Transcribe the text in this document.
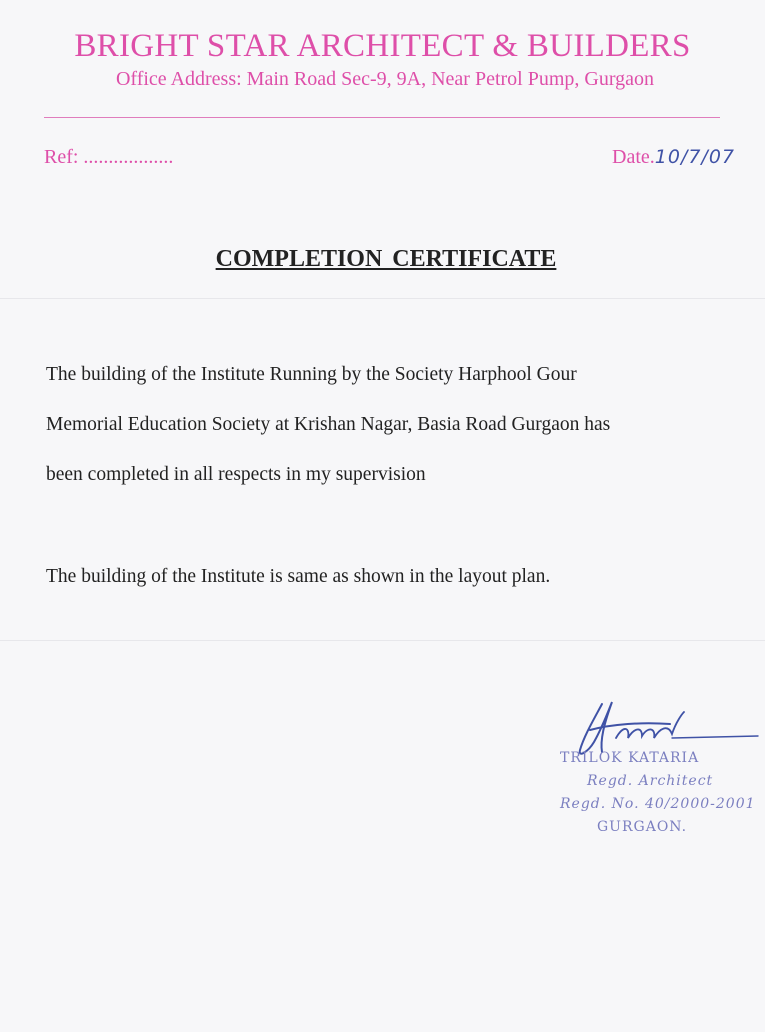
BRIGHT STAR ARCHITECT & BUILDERS
Office Address: Main Road Sec-9, 9A, Near Petrol Pump, Gurgaon
Ref: ..................	Date.10/7/07
COMPLETION CERTIFICATE
The building of the Institute Running by the Society Harphool Gour
Memorial Education Society at Krishan Nagar, Basia Road Gurgaon has
been completed in all respects in my supervision
The building of the Institute is same as shown in the layout plan.
TRILOK KATARIA
Regd. Architect
Regd. No. 40/2000-2001
GURGAON.
